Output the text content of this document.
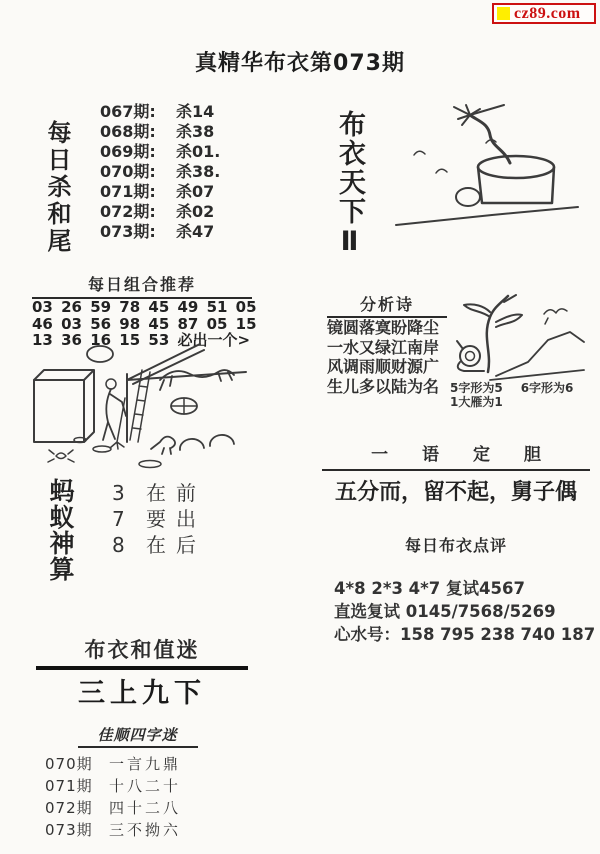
cz89.com
真精华布衣第073期
每日杀和尾
067期:	杀14
068期:	杀38
069期:	杀01.
070期:	杀38.
071期:	杀07
072期:	杀02
073期:	杀47	布衣天下Ⅱ
每日组合推荐
03 26 59 78 45 49 51 05
46 03 56 98 45 87 05 15
13 36 16 15 53 必出一个>
蚂蚁神算 3	在前
7	要出
8	在后
分析诗
镜圆落寞盼降尘
一水又绿江南岸
风调雨顺财源广
生儿多以陆为名 5字形为5 6字形为6
1大雁为1
一 语 定 胆
五分而，留不起，舅子偶
每日布衣点评
4*8 2*3 4*7 复试4567
直选复试 0145/7568/5269
心水号：158 795 238 740 187
布衣和值迷
三上九下
佳顺四字迷
070期 一言九鼎
071期 十八二十
072期 四十二八
073期 三不拗六
